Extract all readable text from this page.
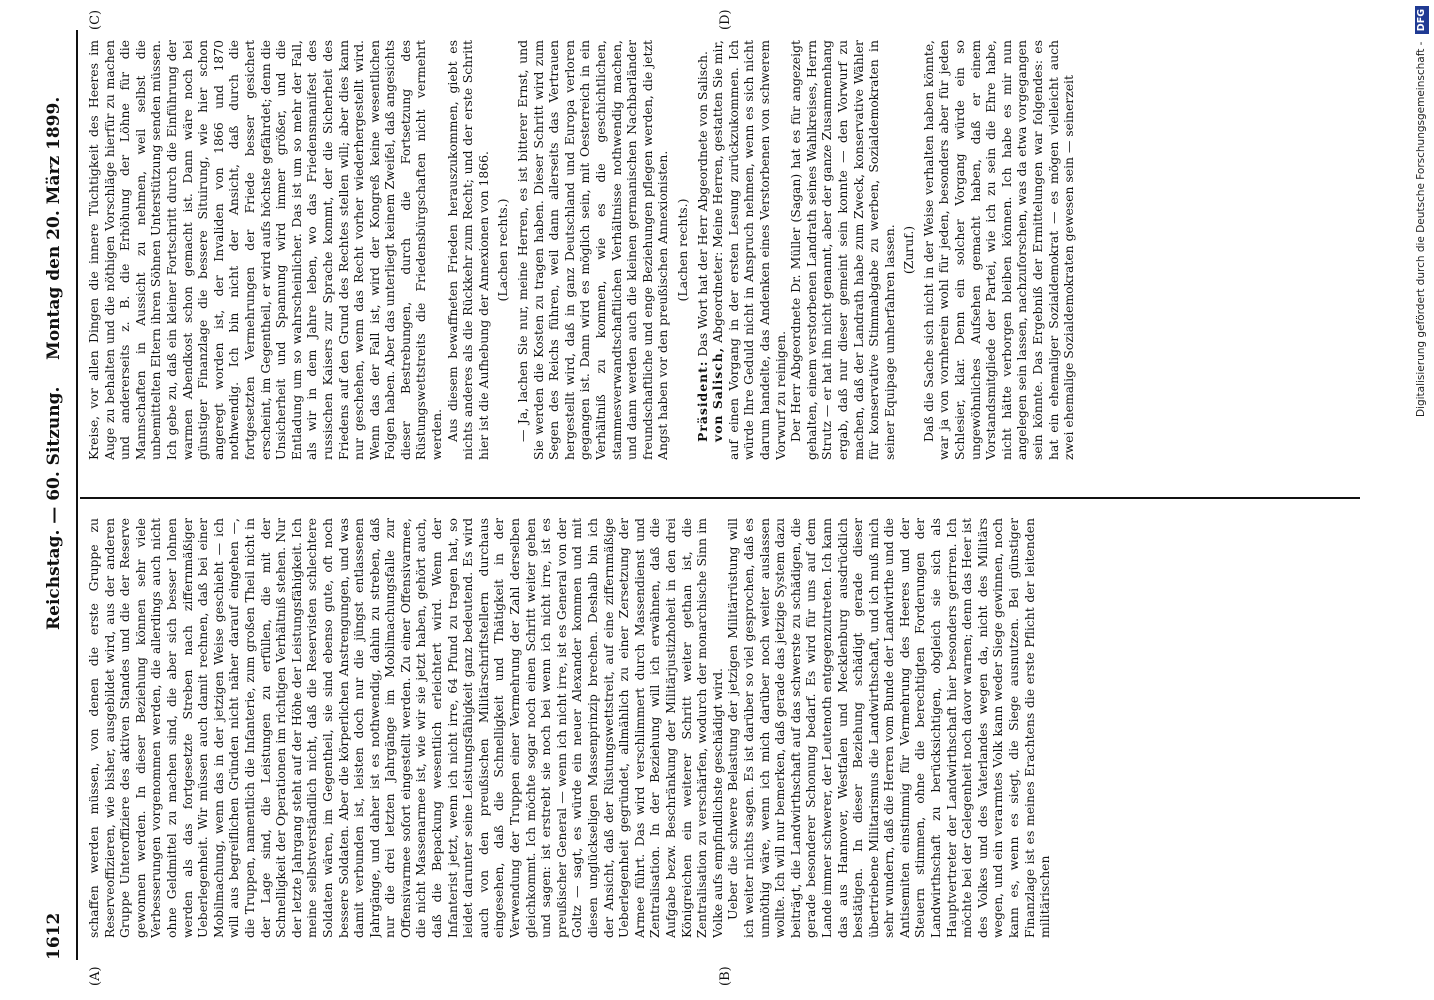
1612
Reichstag. — 60. Sitzung.
Montag den 20. März 1899.
(A)	(B)
(C)	(D)

schaffen werden müssen, von denen die erste Gruppe zu Reserveoffizieren, wie bisher, ausgebildet wird, aus der anderen Gruppe Unteroffiziere des aktiven Standes und die der Reserve gewonnen werden. In dieser Beziehung können sehr viele Verbesserungen vorgenommen werden, die allerdings auch nicht ohne Geldmittel zu machen sind, die aber sich besser lohnen werden als das fortgesetzte Streben nach ziffernmäßiger Ueberlegenheit. Wir müssen auch damit rechnen, daß bei einer Mobilmachung, wenn das in der jetzigen Weise geschieht — ich will aus begreiflichen Gründen nicht näher darauf eingehen —, die Truppen, namentlich die Infanterie, zum großen Theil nicht in der Lage sind, die Leistungen zu erfüllen, die mit der Schnelligkeit der Operationen im richtigen Verhältniß stehen. Nur der letzte Jahrgang steht auf der Höhe der Leistungsfähigkeit. Ich meine selbstverständlich nicht, daß die Reservisten schlechtere Soldaten wären, im Gegentheil, sie sind ebenso gute, oft noch bessere Soldaten. Aber die körperlichen Anstrengungen, und was damit verbunden ist, leisten doch nur die jüngst entlassenen Jahrgänge, und daher ist es nothwendig, dahin zu streben, daß nur die drei letzten Jahrgänge im Mobilmachungsfalle zur Offensivarmee sofort eingestellt werden. Zu einer Offensivarmee, die nicht Massenarmee ist, wie wir sie jetzt haben, gehört auch, daß die Bepackung wesentlich erleichtert wird. Wenn der Infanterist jetzt, wenn ich nicht irre, 64 Pfund zu tragen hat, so leidet darunter seine Leistungsfähigkeit ganz bedeutend. Es wird auch von den preußischen Militärschriftstellern durchaus eingesehen, daß die Schnelligkeit und Thätigkeit in der Verwendung der Truppen einer Vermehrung der Zahl derselben gleichkommt. Ich möchte sogar noch einen Schritt weiter gehen und sagen: ist erstrebt sie noch bei wenn ich nicht irre, ist es preußischer General — wenn ich nicht irre, ist es General von der Goltz — sagt, es würde ein neuer Alexander kommen und mit diesen unglückseligen Massenprinzip brechen. Deshalb bin ich der Ansicht, daß der Rüstungswettstreit, auf eine ziffernmäßige Ueberlegenheit gegründet, allmählich zu einer Zersetzung der Armee führt. Das wird verschlimmert durch Massendienst und Zentralisation. In der Beziehung will ich erwähnen, daß die Aufgabe bezw. Beschränkung der Militärjustizhoheit in den drei Königreichen ein weiterer Schritt weiter gethan ist, die Zentralisation zu verschärfen, wodurch der monarchische Sinn im Volke aufs empfindlichste geschädigt wird. Ueber die schwere Belastung der jetzigen Militärrüstung will ich weiter nichts sagen. Es ist darüber so viel gesprochen, daß es unnöthig wäre, wenn ich mich darüber noch weiter auslassen wollte. Ich will nur bemerken, daß gerade das jetzige System dazu beiträgt, die Landwirthschaft auf das schwerste zu schädigen, die gerade besonderer Schonung bedarf. Es wird für uns auf dem Lande immer schwerer, der Leutenoth entgegenzutreten. Ich kann das aus Hannover, Westfalen und Mecklenburg ausdrücklich bestätigen. In dieser Beziehung schädigt gerade dieser übertriebene Militarismus die Landwirthschaft, und ich muß mich sehr wundern, daß die Herren vom Bunde der Landwirthe und die Antisemiten einstimmig für Vermehrung des Heeres und der Steuern stimmen, ohne die berechtigten Forderungen der Landwirthschaft zu berücksichtigen, obgleich sie sich als Hauptvertreter der Landwirthschaft hier besonders gerirren. Ich möchte bei der Gelegenheit noch davor warnen; denn das Heer ist des Volkes und des Vaterlandes wegen da, nicht des Militärs wegen, und ein verarmtes Volk kann weder Siege gewinnen, noch kann es, wenn es siegt, die Siege ausnutzen. Bei günstiger Finanzlage ist es meines Erachtens die erste Pflicht der leitenden militärischen

Kreise, vor allen Dingen die innere Tüchtigkeit des Heeres im Auge zu behalten und die nöthigen Vorschläge hierfür zu machen und andererseits z. B. die Erhöhung der Löhne für die Mannschaften in Aussicht zu nehmen, weil selbst die unbemittelten Eltern ihren Söhnen Unterstützung senden müssen. Ich gebe zu, daß ein kleiner Fortschritt durch die Einführung der warmen Abendkost schon gemacht ist. Dann wäre noch bei günstiger Finanzlage die bessere Situirung, wie hier schon angeregt worden ist, der Invaliden von 1866 und 1870 nothwendig. Ich bin nicht der Ansicht, daß durch die fortgesetzten Vermehrungen der Friede besser gesichert erscheint, im Gegentheil, er wird aufs höchste gefährdet; denn die Unsicherheit und Spannung wird immer größer, und die Entladung um so wahrscheinlicher. Das ist um so mehr der Fall, als wir in dem Jahre leben, wo das Friedensmanifest des russischen Kaisers zur Sprache kommt, der die Sicherheit des Friedens auf den Grund des Rechtes stellen will; aber dies kann nur geschehen, wenn das Recht vorher wiederhergestellt wird. Wenn das der Fall ist, wird der Kongreß keine wesentlichen Folgen haben. Aber das unterliegt keinem Zweifel, daß angesichts dieser Bestrebungen, durch die Fortsetzung des Rüstungswettstreits die Friedensbürgschaften nicht vermehrt werden. Aus diesem bewaffneten Frieden herauszukommen, giebt es nichts anderes als die Rückkehr zum Recht; und der erste Schritt hier ist die Aufhebung der Annexionen von 1866. (Lachen rechts.) — Ja, lachen Sie nur, meine Herren, es ist bitterer Ernst, und Sie werden die Kosten zu tragen haben. Dieser Schritt wird zum Segen des Reichs führen, weil dann allerseits das Vertrauen hergestellt wird, daß in ganz Deutschland und Europa verloren gegangen ist. Dann wird es möglich sein, mit Oesterreich in ein Verhältniß zu kommen, wie es die geschichtlichen, stammesverwandtschaftlichen Verhältnisse nothwendig machen, und dann werden auch die kleinen germanischen Nachbarländer freundschaftliche und enge Beziehungen pflegen werden, die jetzt Angst haben vor den preußischen Annexionisten. (Lachen rechts.)

Präsident: Das Wort hat der Herr Abgeordnete von Salisch.

von Salisch, Abgeordneter: Meine Herren, gestatten Sie mir, auf einen Vorgang in der ersten Lesung zurückzukommen. Ich würde Ihre Geduld nicht in Anspruch nehmen, wenn es sich nicht darum handelte, das Andenken eines Verstorbenen von schwerem Vorwurf zu reinigen. Der Herr Abgeordnete Dr. Müller (Sagan) hat es für angezeigt gehalten, einem verstorbenen Landrath seines Wahlkreises, Herrn Strutz — er hat ihn nicht genannt, aber der ganze Zusammenhang ergab, daß nur dieser gemeint sein konnte — den Vorwurf zu machen, daß der Landrath habe zum Zweck, konservative Wähler für konservative Stimmabgabe zu werben, Sozialdemokraten in seiner Equipage umherfahren lassen. (Zuruf.) Daß die Sache sich nicht in der Weise verhalten haben könnte, war ja von vornherein wohl für jeden, besonders aber für jeden Schlesier, klar. Denn ein solcher Vorgang würde ein so ungewöhnliches Aufsehen gemacht haben, daß er einem Vorstandsmitgliede der Partei, wie ich zu sein die Ehre habe, nicht hätte verborgen bleiben können. Ich habe es mir nun angelegen sein lassen, nachzuforschen, was da etwa vorgegangen sein könnte. Das Ergebniß der Ermittelungen war folgendes: es hat ein ehemaliger Sozialdemokrat — es mögen vielleicht auch zwei ehemalige Sozialdemokraten gewesen sein — seinerzeit	Digitalisierung gefördert durch die Deutsche Forschungsgemeinschaft - DFG
